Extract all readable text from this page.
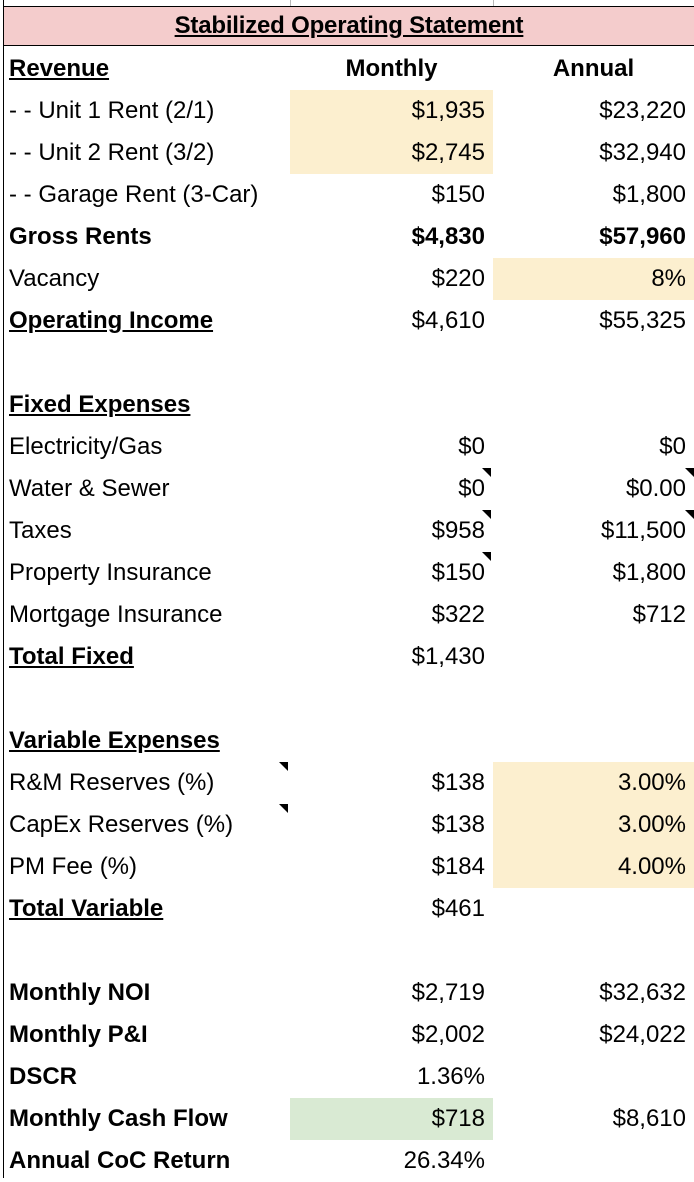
Stabilized Operating Statement
Revenue	Monthly	Annual
- - Unit 1 Rent (2/1)	$1,935	$23,220
- - Unit 2 Rent (3/2)	$2,745	$32,940
- - Garage Rent (3-Car)	$150	$1,800
Gross Rents	$4,830	$57,960
Vacancy	$220	8%
Operating Income	$4,610	$55,325
Fixed Expenses
Electricity/Gas	$0	$0
Water & Sewer	$0	$0.00
Taxes	$958	$11,500
Property Insurance	$150	$1,800
Mortgage Insurance	$322	$712
Total Fixed	$1,430
Variable Expenses
R&M Reserves (%)	$138	3.00%
CapEx Reserves (%)	$138	3.00%
PM Fee (%)	$184	4.00%
Total Variable	$461
Monthly NOI	$2,719	$32,632
Monthly P&I	$2,002	$24,022
DSCR	1.36%
Monthly Cash Flow	$718	$8,610
Annual CoC Return	26.34%
